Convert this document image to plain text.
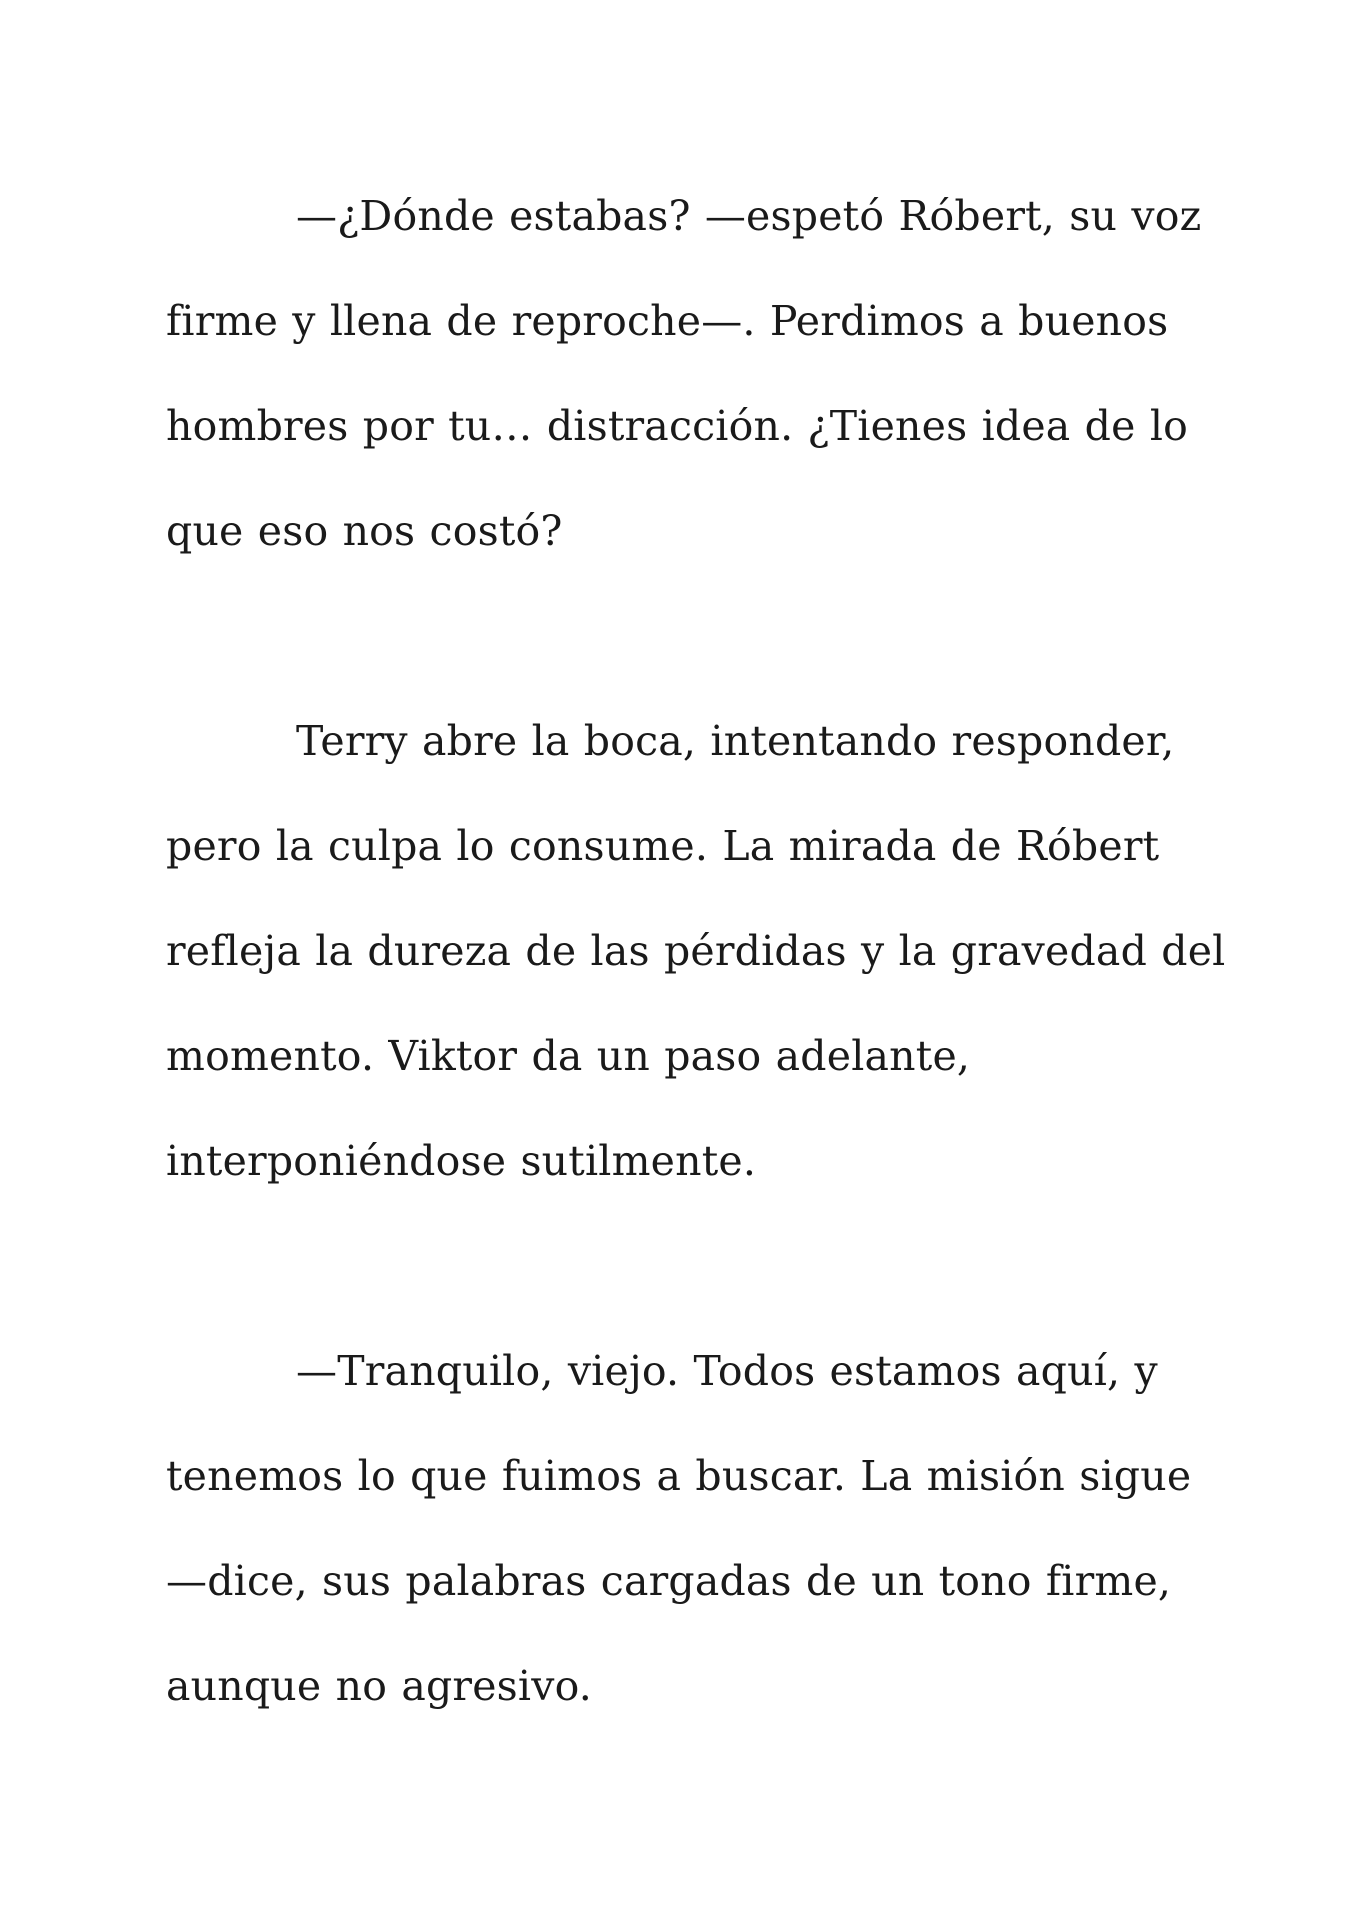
—¿Dónde estabas? —espetó Róbert, su voz
firme y llena de reproche—. Perdimos a buenos
hombres por tu… distracción. ¿Tienes idea de lo
que eso nos costó?

Terry abre la boca, intentando responder,
pero la culpa lo consume. La mirada de Róbert
refleja la dureza de las pérdidas y la gravedad del
momento. Viktor da un paso adelante,
interponiéndose sutilmente.

—Tranquilo, viejo. Todos estamos aquí, y
tenemos lo que fuimos a buscar. La misión sigue
—dice, sus palabras cargadas de un tono firme,
aunque no agresivo.
